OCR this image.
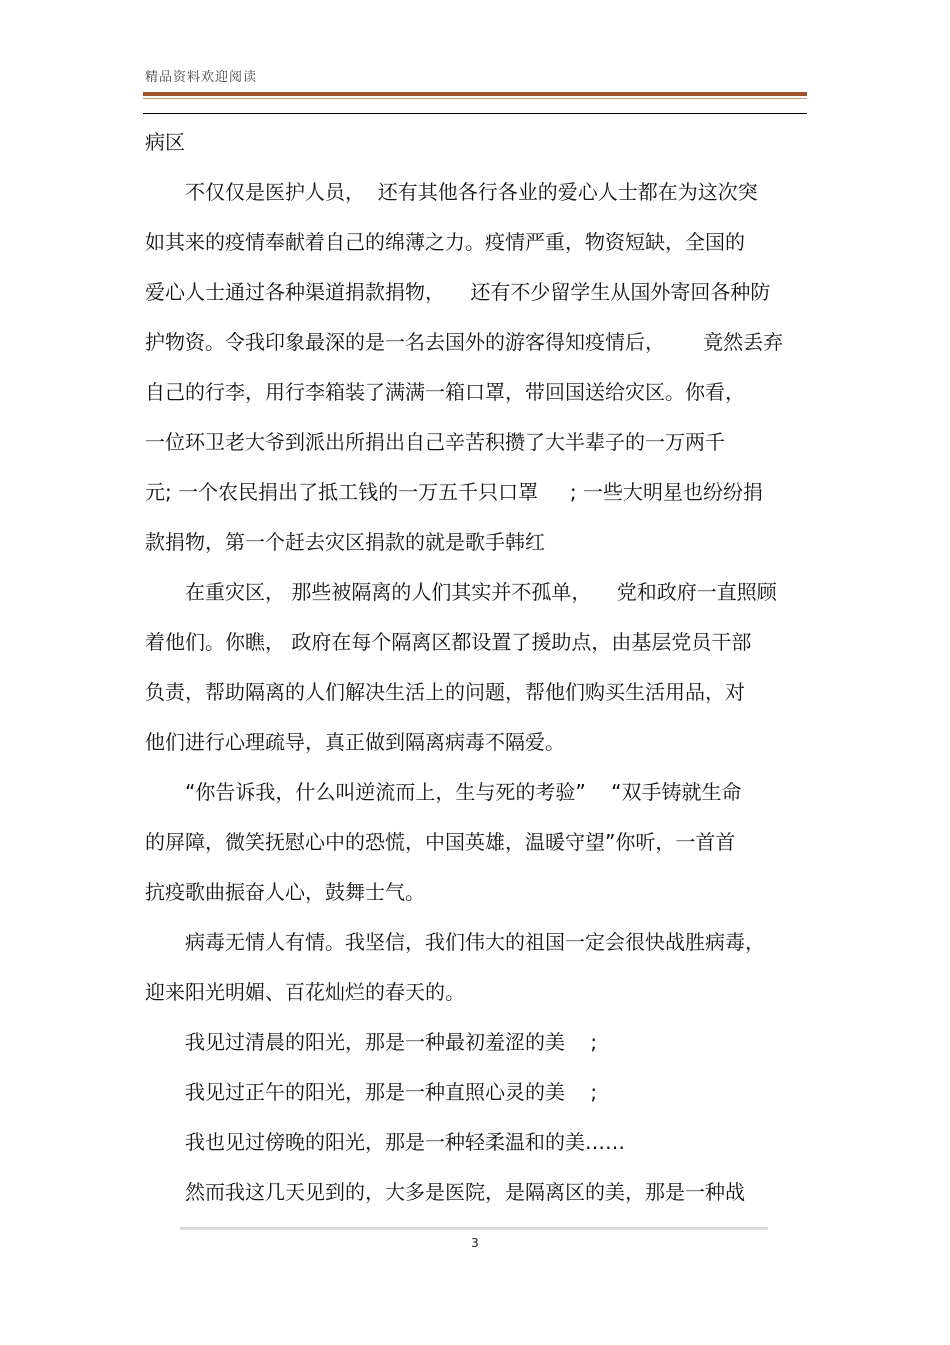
精品资料欢迎阅读
病区
　　不仅仅是医护人员，  还有其他各行各业的爱心人士都在为这次突
如其来的疫情奉献着自己的绵薄之力。疫情严重，物资短缺，全国的
爱心人士通过各种渠道捐款捐物，    还有不少留学生从国外寄回各种防
护物资。令我印象最深的是一名去国外的游客得知疫情后，      竟然丢弃
自己的行李，用行李箱装了满满一箱口罩，带回国送给灾区。你看，
一位环卫老大爷到派出所捐出自己辛苦积攒了大半辈子的一万两千
元; 一个农民捐出了抵工钱的一万五千只口罩     ; 一些大明星也纷纷捐
款捐物，第一个赶去灾区捐款的就是歌手韩红
　　在重灾区， 那些被隔离的人们其实并不孤单，    党和政府一直照顾
着他们。你瞧， 政府在每个隔离区都设置了援助点，由基层党员干部
负责，帮助隔离的人们解决生活上的问题，帮他们购买生活用品，对
他们进行心理疏导，真正做到隔离病毒不隔爱。
　　“你告诉我，什么叫逆流而上，生与死的考验”    “双手铸就生命
的屏障，微笑抚慰心中的恐慌，中国英雄，温暖守望”你听，一首首
抗疫歌曲振奋人心，鼓舞士气。
　　病毒无情人有情。我坚信，我们伟大的祖国一定会很快战胜病毒，
迎来阳光明媚、百花灿烂的春天的。
　　我见过清晨的阳光，那是一种最初羞涩的美    ;
　　我见过正午的阳光，那是一种直照心灵的美    ;
　　我也见过傍晚的阳光，那是一种轻柔温和的美……
　　然而我这几天见到的，大多是医院，是隔离区的美，那是一种战
3
